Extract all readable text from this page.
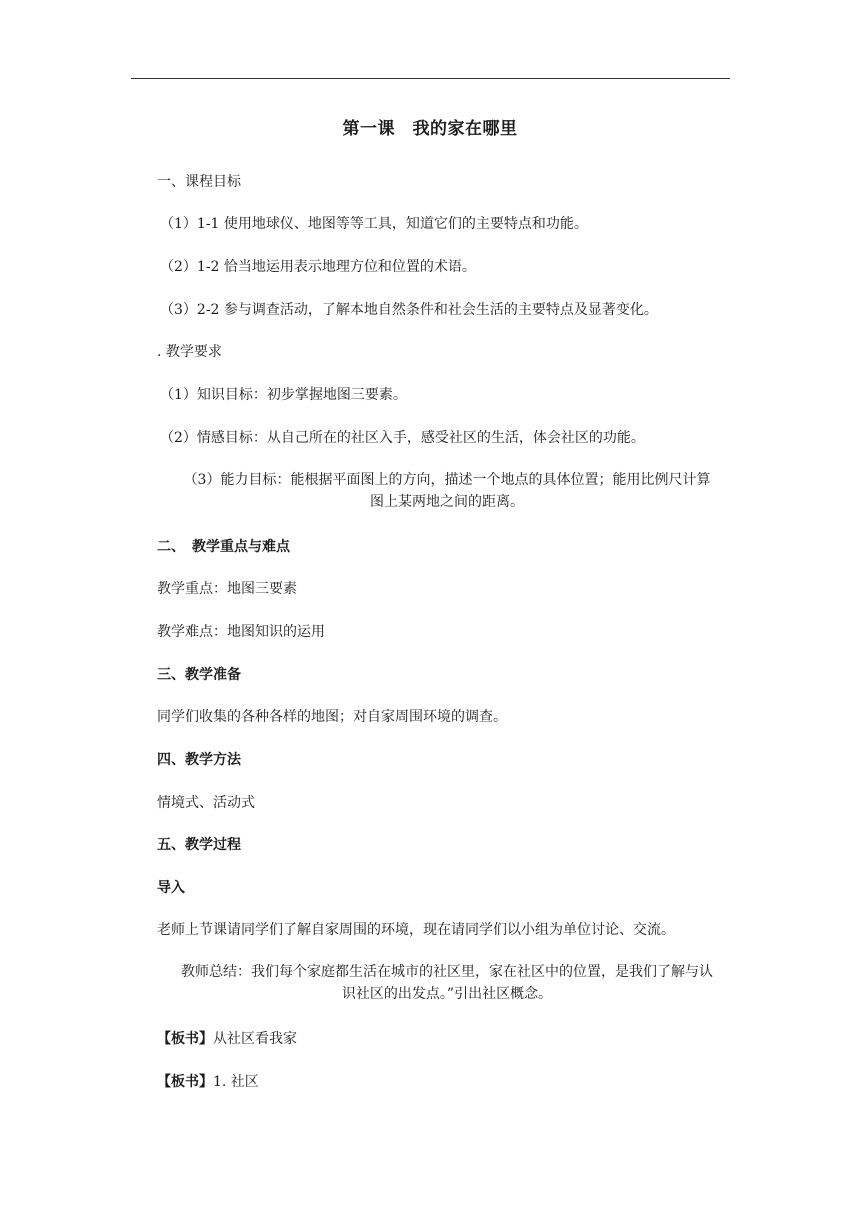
第一课　我的家在哪里
一、课程目标
（1）1-1 使用地球仪、地图等等工具，知道它们的主要特点和功能。
（2）1-2 恰当地运用表示地理方位和位置的术语。
（3）2-2 参与调查活动，了解本地自然条件和社会生活的主要特点及显著变化。
. 教学要求
（1）知识目标：初步掌握地图三要素。
（2）情感目标：从自己所在的社区入手，感受社区的生活，体会社区的功能。
（3）能力目标：能根据平面图上的方向，描述一个地点的具体位置；能用比例尺计算
图上某两地之间的距离。
二、　教学重点与难点
教学重点：地图三要素
教学难点：地图知识的运用
三、教学准备
同学们收集的各种各样的地图；对自家周围环境的调查。
四、教学方法
情境式、活动式
五、教学过程
导入
老师上节课请同学们了解自家周围的环境，现在请同学们以小组为单位讨论、交流。
教师总结：我们每个家庭都生活在城市的社区里，家在社区中的位置，是我们了解与认
识社区的出发点。”引出社区概念。
【板书】从社区看我家
【板书】1. 社区
